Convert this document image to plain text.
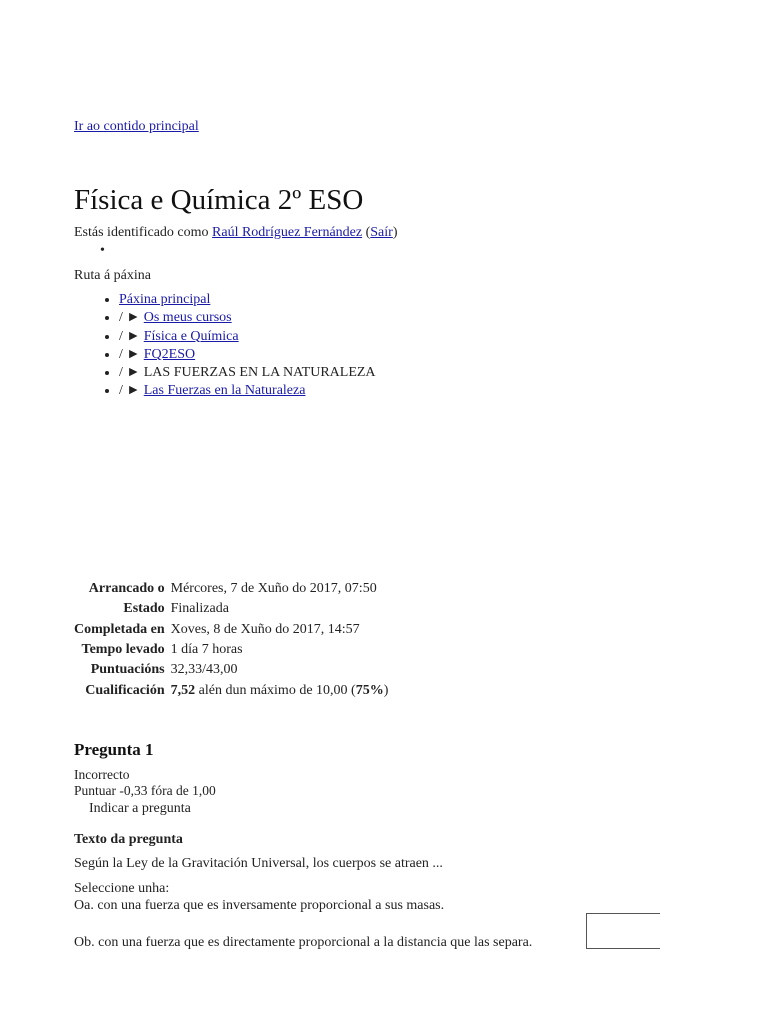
Ir ao contido principal
Física e Química 2º ESO
Estás identificado como Raúl Rodríguez Fernández (Saír)
•
Ruta á páxina
• Páxina principal
• / ► Os meus cursos
• / ► Física e Química
• / ► FQ2ESO
• / ► LAS FUERZAS EN LA NATURALEZA
• / ► Las Fuerzas en la Naturaleza
Arrancado o	Mércores, 7 de Xuño do 2017, 07:50
Estado	Finalizada
Completada en	Xoves, 8 de Xuño do 2017, 14:57
Tempo levado	1 día 7 horas
Puntuacións	32,33/43,00
Cualificación	7,52 alén dun máximo de 10,00 (75%)
Pregunta 1
Incorrecto
Puntuar -0,33 fóra de 1,00
Indicar a pregunta
Texto da pregunta
Según la Ley de la Gravitación Universal, los cuerpos se atraen ...
Seleccione unha:
Oa. con una fuerza que es inversamente proporcional a sus masas.
Ob. con una fuerza que es directamente proporcional a la distancia que las separa.
